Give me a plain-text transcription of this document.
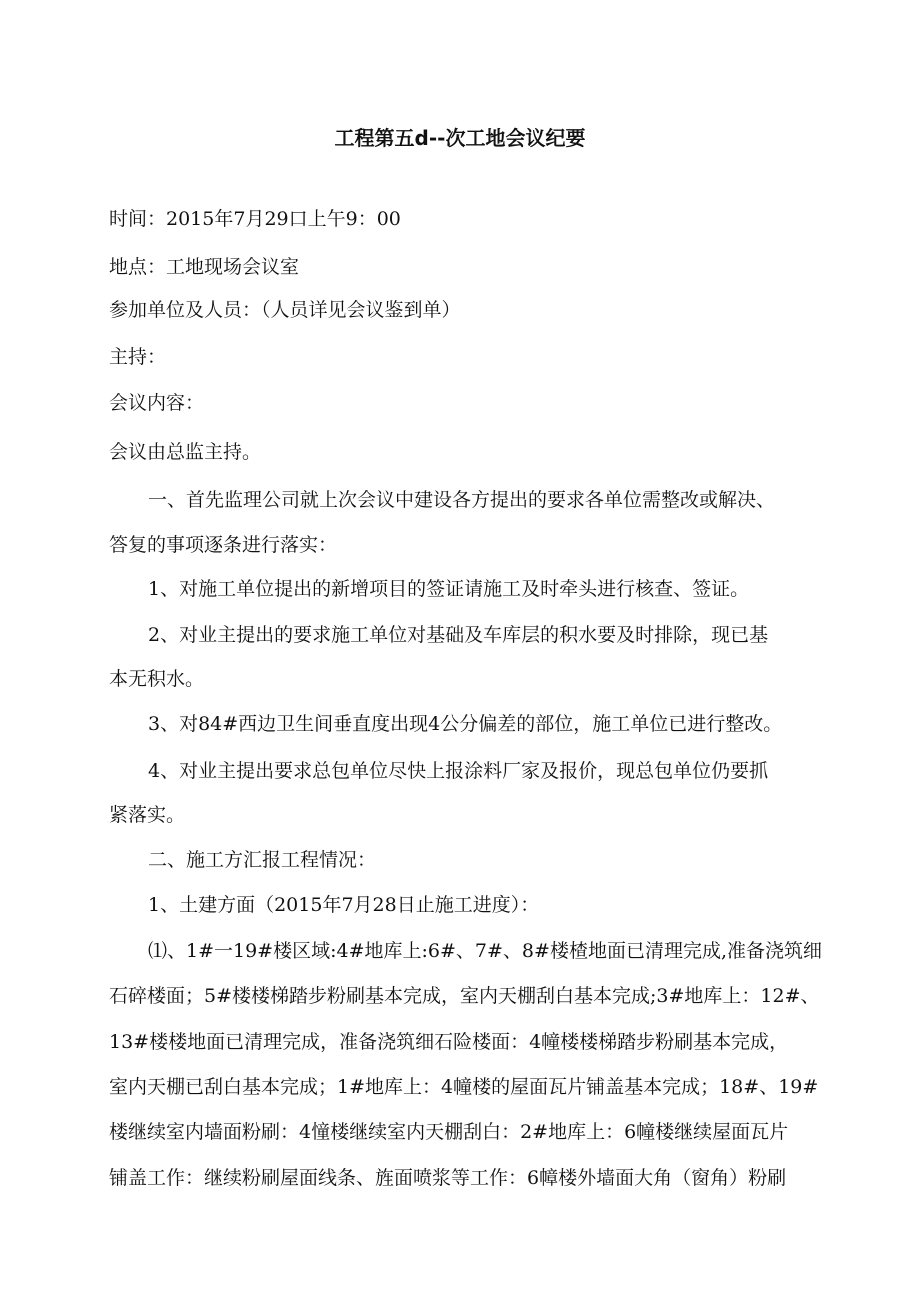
工程第五d--次工地会议纪要
时间：2015年7月29口上午9：00
地点：工地现场会议室
参加单位及人员：（人员详见会议鉴到单）
主持：
会议内容：
会议由总监主持。
一、首先监理公司就上次会议中建设各方提出的要求各单位需整改或解决、
答复的事项逐条进行落实：
1、对施工单位提出的新增项目的签证请施工及时牵头进行核查、签证。
2、对业主提出的要求施工单位对基础及车库层的积水要及时排除，现已基
本无积水。
3、对84#西边卫生间垂直度出现4公分偏差的部位，施工单位已进行整改。
4、对业主提出要求总包单位尽快上报涂料厂家及报价，现总包单位仍要抓
紧落实。
二、施工方汇报工程情况：
1、土建方面（2015年7月28日止施工进度）：
⑴、1#一19#楼区域:4#地库上:6#、7#、8#楼楂地面已清理完成,准备浇筑细
石碎楼面；5#楼楼梯踏步粉刷基本完成，室内天棚刮白基本完成;3#地库上：12#、
13#楼楼地面已清理完成，准备浇筑细石险楼面：4幢楼楼梯踏步粉刷基本完成，
室内天棚已刮白基本完成；1#地库上：4幢楼的屋面瓦片铺盖基本完成；18#、19#
楼继续室内墙面粉刷：4憧楼继续室内天棚刮白：2#地库上：6幢楼继续屋面瓦片
铺盖工作：继续粉刷屋面线条、旌面喷浆等工作：6幛楼外墙面大角（窗角）粉刷
